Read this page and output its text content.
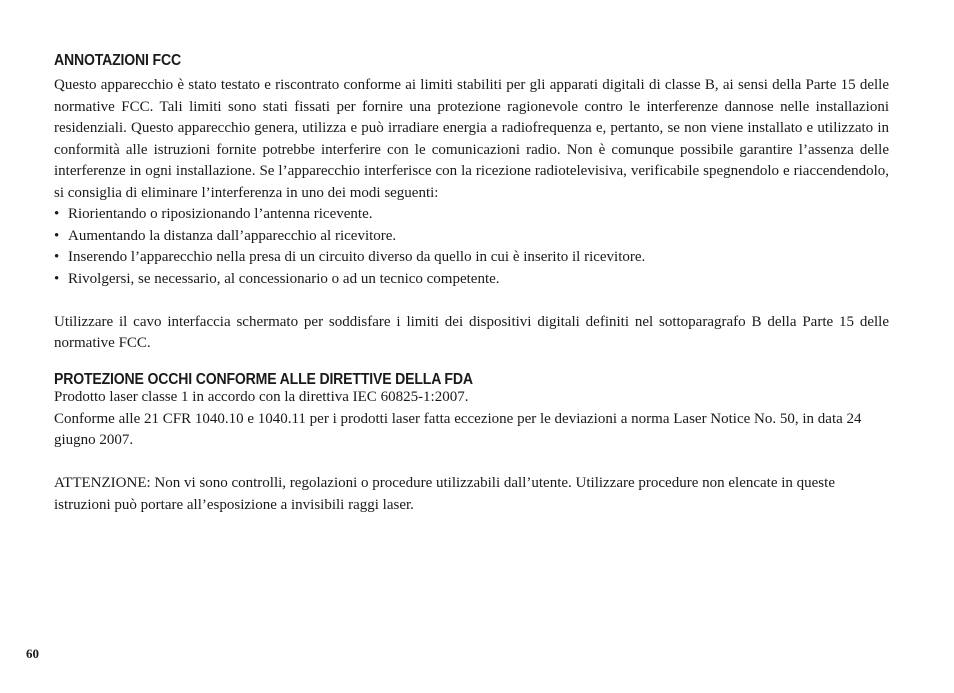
ANNOTAZIONI FCC

Questo apparecchio è stato testato e riscontrato conforme ai limiti stabiliti per gli apparati digitali di classe B, ai sensi della Parte 15 delle normative FCC. Tali limiti sono stati fissati per fornire una protezione ragionevole contro le interferenze dannose nelle installazioni residenziali. Questo apparecchio genera, utilizza e può irradiare energia a radiofrequenza e, pertanto, se non viene installato e utilizzato in conformità alle istruzioni fornite potrebbe interferire con le comunicazioni radio. Non è comunque possibile garantire l’assenza delle interferenze in ogni installazione. Se l’apparecchio interferisce con la ricezione radiotelevisiva, verificabile spegnendolo e riaccendendolo, si consiglia di eliminare l’interferenza in uno dei modi seguenti:

• Riorientando o riposizionando l’antenna ricevente.
• Aumentando la distanza dall’apparecchio al ricevitore.
• Inserendo l’apparecchio nella presa di un circuito diverso da quello in cui è inserito il ricevitore.
• Rivolgersi, se necessario, al concessionario o ad un tecnico competente.

Utilizzare il cavo interfaccia schermato per soddisfare i limiti dei dispositivi digitali definiti nel sottoparagrafo B della Parte 15 delle normative FCC.

PROTEZIONE OCCHI CONFORME ALLE DIRETTIVE DELLA FDA

Prodotto laser classe 1 in accordo con la direttiva IEC 60825-1:2007.

Conforme alle 21 CFR 1040.10 e 1040.11 per i prodotti laser fatta eccezione per le deviazioni a norma Laser Notice No. 50, in data 24 giugno 2007.

ATTENZIONE: Non vi sono controlli, regolazioni o procedure utilizzabili dall’utente. Utilizzare procedure non elencate in queste istruzioni può portare all’esposizione a invisibili raggi laser.

60
